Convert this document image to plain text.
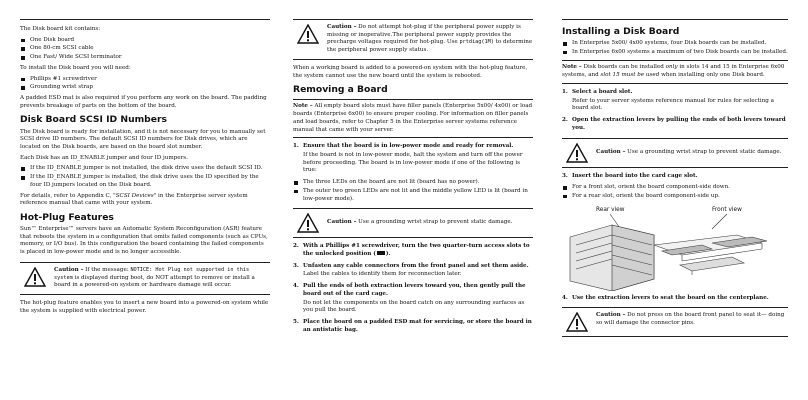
The Disk board kit contains:

One Disk board
One 80-cm SCSI cable
One Fast/ Wide SCSI terminator

To install the Disk board you will need:

Phillips #1 screwdriver
Grounding wrist strap

A padded ESD mat is also required if you perform any work on the board. The padding prevents breakage of parts on the bottom of the board.

Disk Board SCSI ID Numbers

The Disk board is ready for installation, and it is not necessary for you to manually set SCSI drive ID numbers. The default SCSI ID numbers for Disk drives, which are located on the Disk boards, are based on the board slot number.

Each Disk has an ID_ENABLE jumper and four ID jumpers.

If the ID_ENABLE jumper is not installed, the disk drive uses the default SCSI ID.
If the ID_ENABLE jumper is installed, the disk drive uses the ID specified by the four ID jumpers located on the Disk board.

For details, refer to Appendix C, "SCSI Devices" in the Enterprise server system reference manual that came with your system.

Hot-Plug Features

Sun™ Enterprise™ servers have an Automatic System Reconfiguration (ASR) feature that reboots the system in a configuration that omits failed components (such as CPUs, memory, or I/O bus). In this configuration the board containing the failed components is placed in low-power mode and is no longer accessible.

Caution – If the message: NOTICE: Hot Plug not supported in this system is displayed during boot, do NOT attempt to remove or install a board in a powered-on system or hardware damage will occur.

The hot-plug feature enables you to insert a new board into a powered-on system while the system is supplied with electrical power.

Caution – Do not attempt hot-plug if the peripheral power supply is missing or inoperative.The peripheral power supply provides the precharge voltages required for hot-plug. Use prtdiag(1M) to determine the peripheral power supply status.

When a working board is added to a powered-on system with the hot-plug feature, the system cannot use the new board until the system is rebooted.

Removing a Board
Note – All empty board slots must have filler panels (Enterprise 5x00/ 4x00) or load boards (Enterprise 6x00) to ensure proper cooling. For information on filler panels and load boards, refer to Chapter 5 in the Enterprise server systems reference manual that came with your server.
1. Ensure that the board is in low-power mode and ready for removal.
If the board is not in low-power mode, halt the system and turn off the power before proceeding. The board is in low-power mode if one of the following is true:
The three LEDs on the board are not lit (board has no power).
The outer two green LEDs are not lit and the middle yellow LED is lit (board in low-power mode).
Caution – Use a grounding wrist strap to prevent static damage.
2. With a Phillips #1 screwdriver, turn the two quarter-turn access slots to the unlocked position ( ).
3. Unfasten any cable connectors from the front panel and set them aside.
Label the cables to identify them for reconnection later.
4. Pull the ends of both extraction levers toward you, then gently pull the board out of the card cage.
Do not let the components on the board catch on any surrounding surfaces as you pull the board.
5. Place the board on a padded ESD mat for servicing, or store the board in an antistatic bag.
Installing a Disk Board
In Enterprise 5x00/ 4x00 systems, four Disk boards can be installed.
In Enterprise 6x00 systems a maximum of two Disk boards can be installed.
Note – Disk boards can be installed only in slots 14 and 15 in Enterprise 6x00 systems, and slot 15 must be used when installing only one Disk board.
1. Select a board slot.
Refer to your server systems reference manual for rules for selecting a board slot.
2. Open the extraction levers by pulling the ends of both levers toward you.
Caution – Use a grounding wrist strap to prevent static damage.
3. Insert the board into the card cage slot.
For a front slot, orient the board component-side down.
For a rear slot, orient the board component-side up.
Rear view	Front view
4. Use the extraction levers to seat the board on the centerplane.
Caution – Do not press on the board front panel to seat it— doing so will damage the connector pins.
